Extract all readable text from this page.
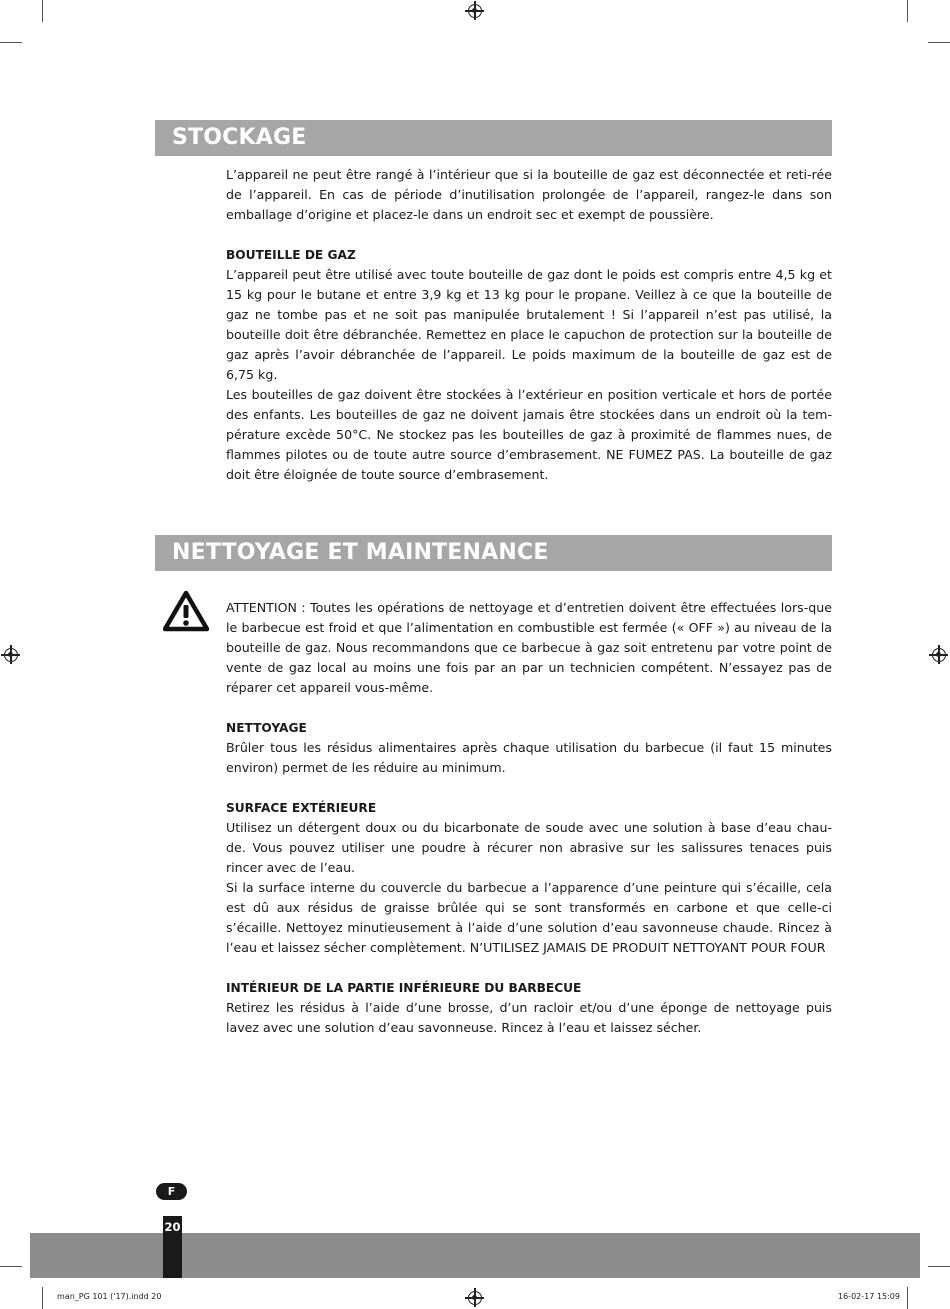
STOCKAGE

L’appareil ne peut être rangé à l’intérieur que si la bouteille de gaz est déconnectée et reti-rée de l’appareil. En cas de période d’inutilisation prolongée de l’appareil, rangez-le dans son emballage d’origine et placez-le dans un endroit sec et exempt de poussière.

BOUTEILLE DE GAZ

L’appareil peut être utilisé avec toute bouteille de gaz dont le poids est compris entre 4,5 kg et 15 kg pour le butane et entre 3,9 kg et 13 kg pour le propane. Veillez à ce que la bouteille de gaz ne tombe pas et ne soit pas manipulée brutalement ! Si l’appareil n’est pas utilisé, la bouteille doit être débranchée. Remettez en place le capuchon de protection sur la bouteille de gaz après l’avoir débranchée de l’appareil. Le poids maximum de la bouteille de gaz est de 6,75 kg.

Les bouteilles de gaz doivent être stockées à l’extérieur en position verticale et hors de portée des enfants. Les bouteilles de gaz ne doivent jamais être stockées dans un endroit où la tem-pérature excède 50°C. Ne stockez pas les bouteilles de gaz à proximité de flammes nues, de flammes pilotes ou de toute autre source d’embrasement. NE FUMEZ PAS. La bouteille de gaz doit être éloignée de toute source d’embrasement.

NETTOYAGE ET MAINTENANCE

ATTENTION : Toutes les opérations de nettoyage et d’entretien doivent être effectuées lors-que le barbecue est froid et que l’alimentation en combustible est fermée (« OFF ») au niveau de la bouteille de gaz. Nous recommandons que ce barbecue à gaz soit entretenu par votre point de vente de gaz local au moins une fois par an par un technicien compétent. N’essayez pas de réparer cet appareil vous-même.

NETTOYAGE

Brûler tous les résidus alimentaires après chaque utilisation du barbecue (il faut 15 minutes environ) permet de les réduire au minimum.

SURFACE EXTÉRIEURE

Utilisez un détergent doux ou du bicarbonate de soude avec une solution à base d’eau chau-de. Vous pouvez utiliser une poudre à récurer non abrasive sur les salissures tenaces puis rincer avec de l’eau.

Si la surface interne du couvercle du barbecue a l’apparence d’une peinture qui s’écaille, cela est dû aux résidus de graisse brûlée qui se sont transformés en carbone et que celle-ci s’écaille. Nettoyez minutieusement à l’aide d’une solution d’eau savonneuse chaude. Rincez à l’eau et laissez sécher complètement. N’UTILISEZ JAMAIS DE PRODUIT NETTOYANT POUR FOUR

INTÉRIEUR DE LA PARTIE INFÉRIEURE DU BARBECUE

Retirez les résidus à l’aide d’une brosse, d’un racloir et/ou d’une éponge de nettoyage puis lavez avec une solution d’eau savonneuse. Rincez à l’eau et laissez sécher.

F
20
man_PG 101 ('17).indd 20	16-02-17 15:09
